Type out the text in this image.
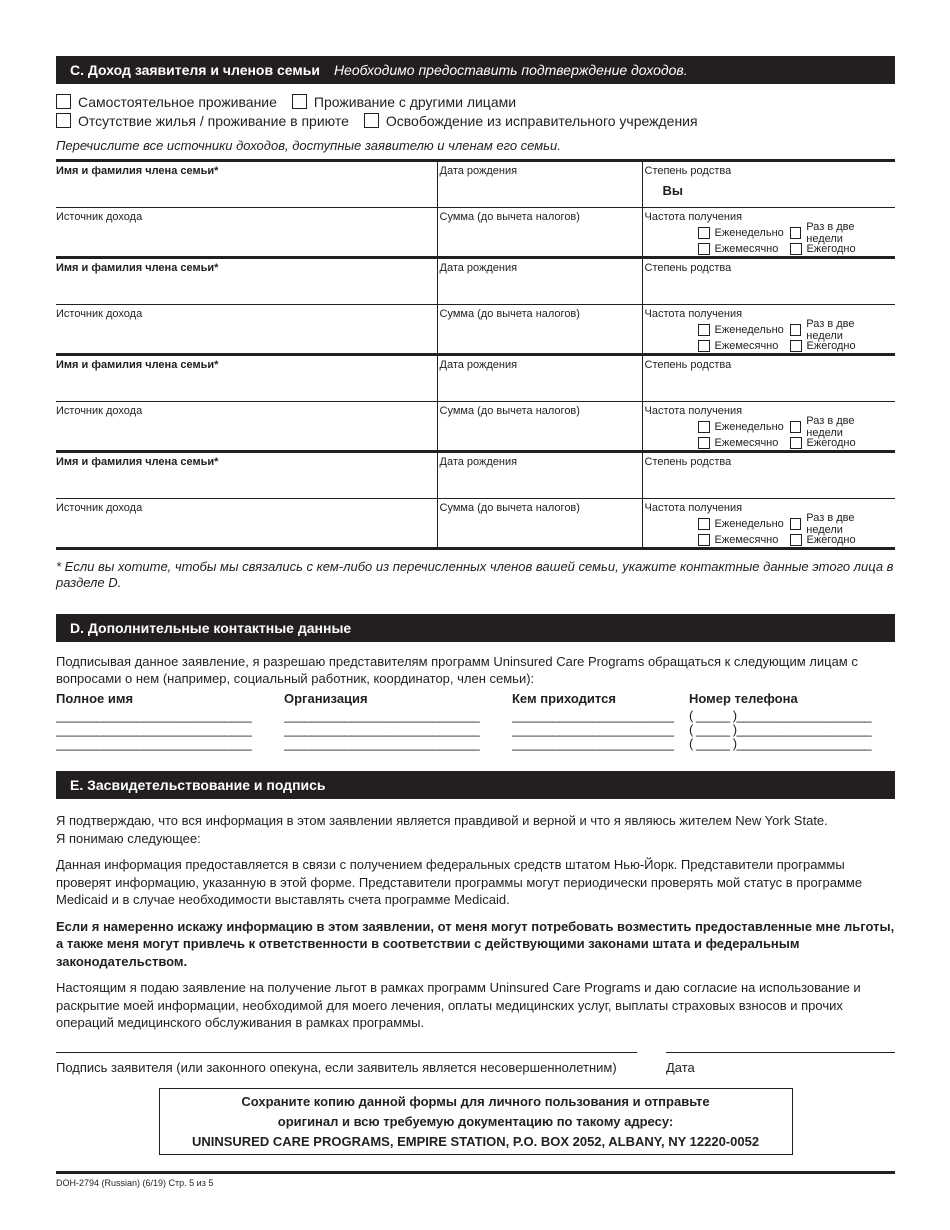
C. Доход заявителя и членов семьи Необходимо предоставить подтверждение доходов.
Самостоятельное проживание	Проживание с другими лицами
Отсутствие жилья / проживание в приюте	Освобождение из исправительного учреждения
Перечислите все источники доходов, доступные заявителю и членам его семьи.
Имя и фамилия члена семьи*	Дата рождения	Степень родства
Вы

Источник дохода	Сумма (до вычета налогов)	Частота получения
Еженедельно Раз в две недели
Ежемесячно Ежегодно

Имя и фамилия члена семьи*	Дата рождения	Степень родства

Источник дохода	Сумма (до вычета налогов)	Частота получения
Еженедельно Раз в две недели
Ежемесячно Ежегодно

Имя и фамилия члена семьи*	Дата рождения	Степень родства

Источник дохода	Сумма (до вычета налогов)	Частота получения
Еженедельно Раз в две недели
Ежемесячно Ежегодно

Имя и фамилия члена семьи*	Дата рождения	Степень родства

Источник дохода	Сумма (до вычета налогов)	Частота получения
Еженедельно Раз в две недели
Ежемесячно Ежегодно
* Если вы хотите, чтобы мы связались с кем-либо из перечисленных членов вашей семьи, укажите контактные данные этого лица в разделе D.
D. Дополнительные контактные данные
Подписывая данное заявление, я разрешаю представителям программ Uninsured Care Programs обращаться к следующим лицам с вопросами о нем (например, социальный работник, координатор, член семьи):
Полное имя	Организация	Кем приходится	Номер телефона
_____________________________	_____________________________	________________________	( _____ )____________________
_____________________________	_____________________________	________________________	( _____ )____________________
_____________________________	_____________________________	________________________	( _____ )____________________
E. Засвидетельствование и подпись
Я подтверждаю, что вся информация в этом заявлении является правдивой и верной и что я являюсь жителем New York State.
Я понимаю следующее:
Данная информация предоставляется в связи с получением федеральных средств штатом Нью-Йорк. Представители программы проверят информацию, указанную в этой форме. Представители программы могут периодически проверять мой статус в программе Medicaid и в случае необходимости выставлять счета программе Medicaid.
Если я намеренно искажу информацию в этом заявлении, от меня могут потребовать возместить предоставленные мне льготы, а также меня могут привлечь к ответственности в соответствии с действующими законами штата и федеральным законодательством.
Настоящим я подаю заявление на получение льгот в рамках программ Uninsured Care Programs и даю согласие на использование и раскрытие моей информации, необходимой для моего лечения, оплаты медицинских услуг, выплаты страховых взносов и прочих операций медицинского обслуживания в рамках программы.
Подпись заявителя (или законного опекуна, если заявитель является несовершеннолетним)	Дата
Сохраните копию данной формы для личного пользования и отправьте
оригинал и всю требуемую документацию по такому адресу:
UNINSURED CARE PROGRAMS, EMPIRE STATION, P.O. BOX 2052, ALBANY, NY 12220-0052
DOH-2794 (Russian) (6/19) Стр. 5 из 5
